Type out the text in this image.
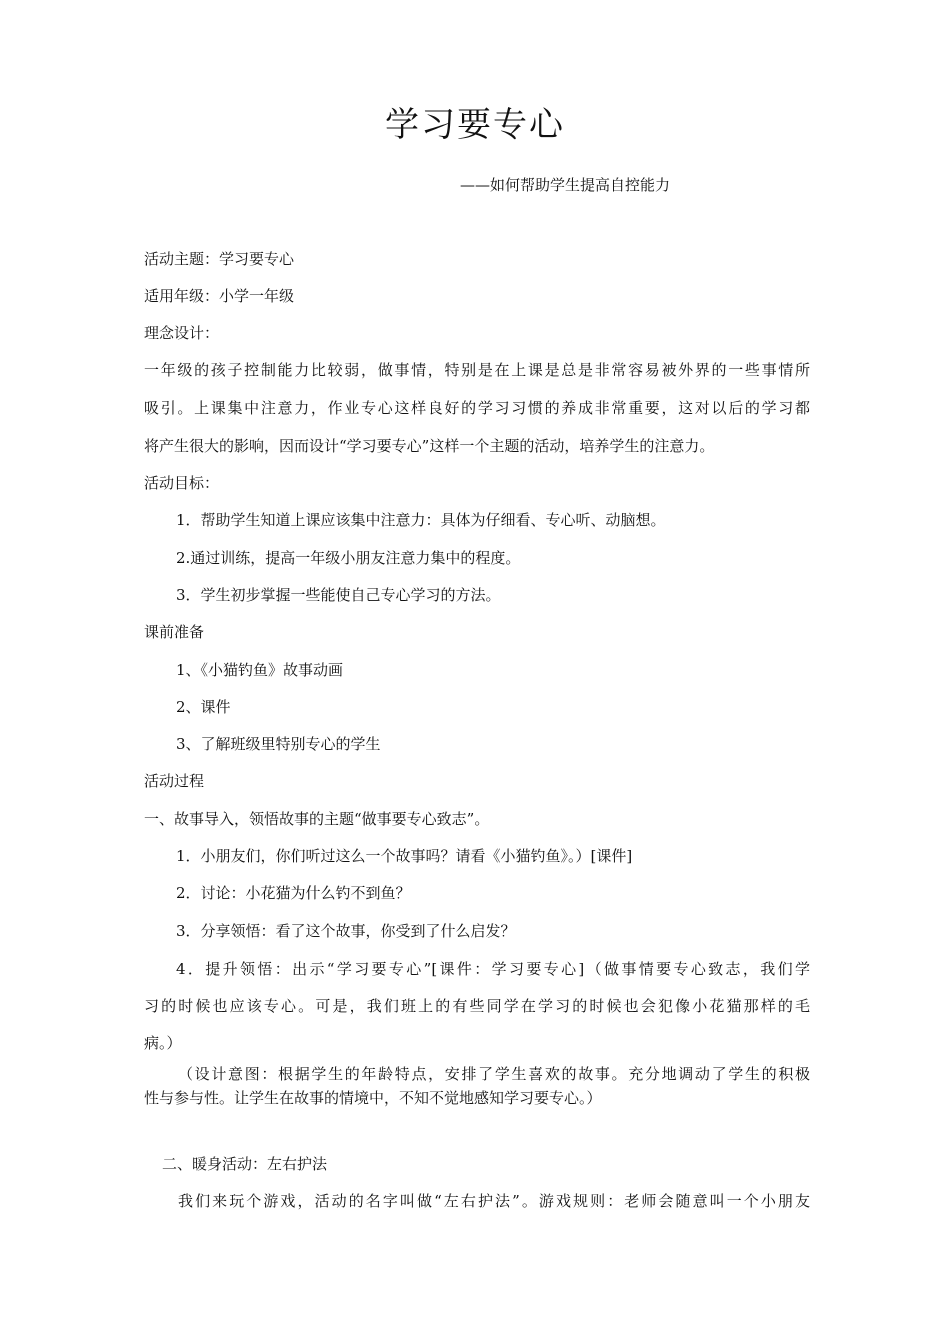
学习要专心
——如何帮助学生提高自控能力
活动主题：学习要专心
适用年级：小学一年级
理念设计：
一年级的孩子控制能力比较弱，做事情，特别是在上课是总是非常容易被外界的一些事情所
吸引。上课集中注意力，作业专心这样良好的学习习惯的养成非常重要，这对以后的学习都
将产生很大的影响，因而设计“学习要专心”这样一个主题的活动，培养学生的注意力。
活动目标：
1．帮助学生知道上课应该集中注意力：具体为仔细看、专心听、动脑想。
2.通过训练，提高一年级小朋友注意力集中的程度。
3．学生初步掌握一些能使自己专心学习的方法。
课前准备
1、《小猫钓鱼》故事动画
2、课件
3、了解班级里特别专心的学生
活动过程
一、故事导入，领悟故事的主题“做事要专心致志”。
1．小朋友们，你们听过这么一个故事吗？请看《小猫钓鱼》。）[课件]
2．讨论：小花猫为什么钓不到鱼？
3．分享领悟：看了这个故事，你受到了什么启发？
4．提升领悟：出示“学习要专心”[课件：学习要专心]（做事情要专心致志，我们学
习的时候也应该专心。可是，我们班上的有些同学在学习的时候也会犯像小花猫那样的毛
病。）
（设计意图：根据学生的年龄特点，安排了学生喜欢的故事。充分地调动了学生的积极
性与参与性。让学生在故事的情境中，不知不觉地感知学习要专心。）
二、暖身活动：左右护法
我们来玩个游戏，活动的名字叫做“左右护法”。游戏规则：老师会随意叫一个小朋友
